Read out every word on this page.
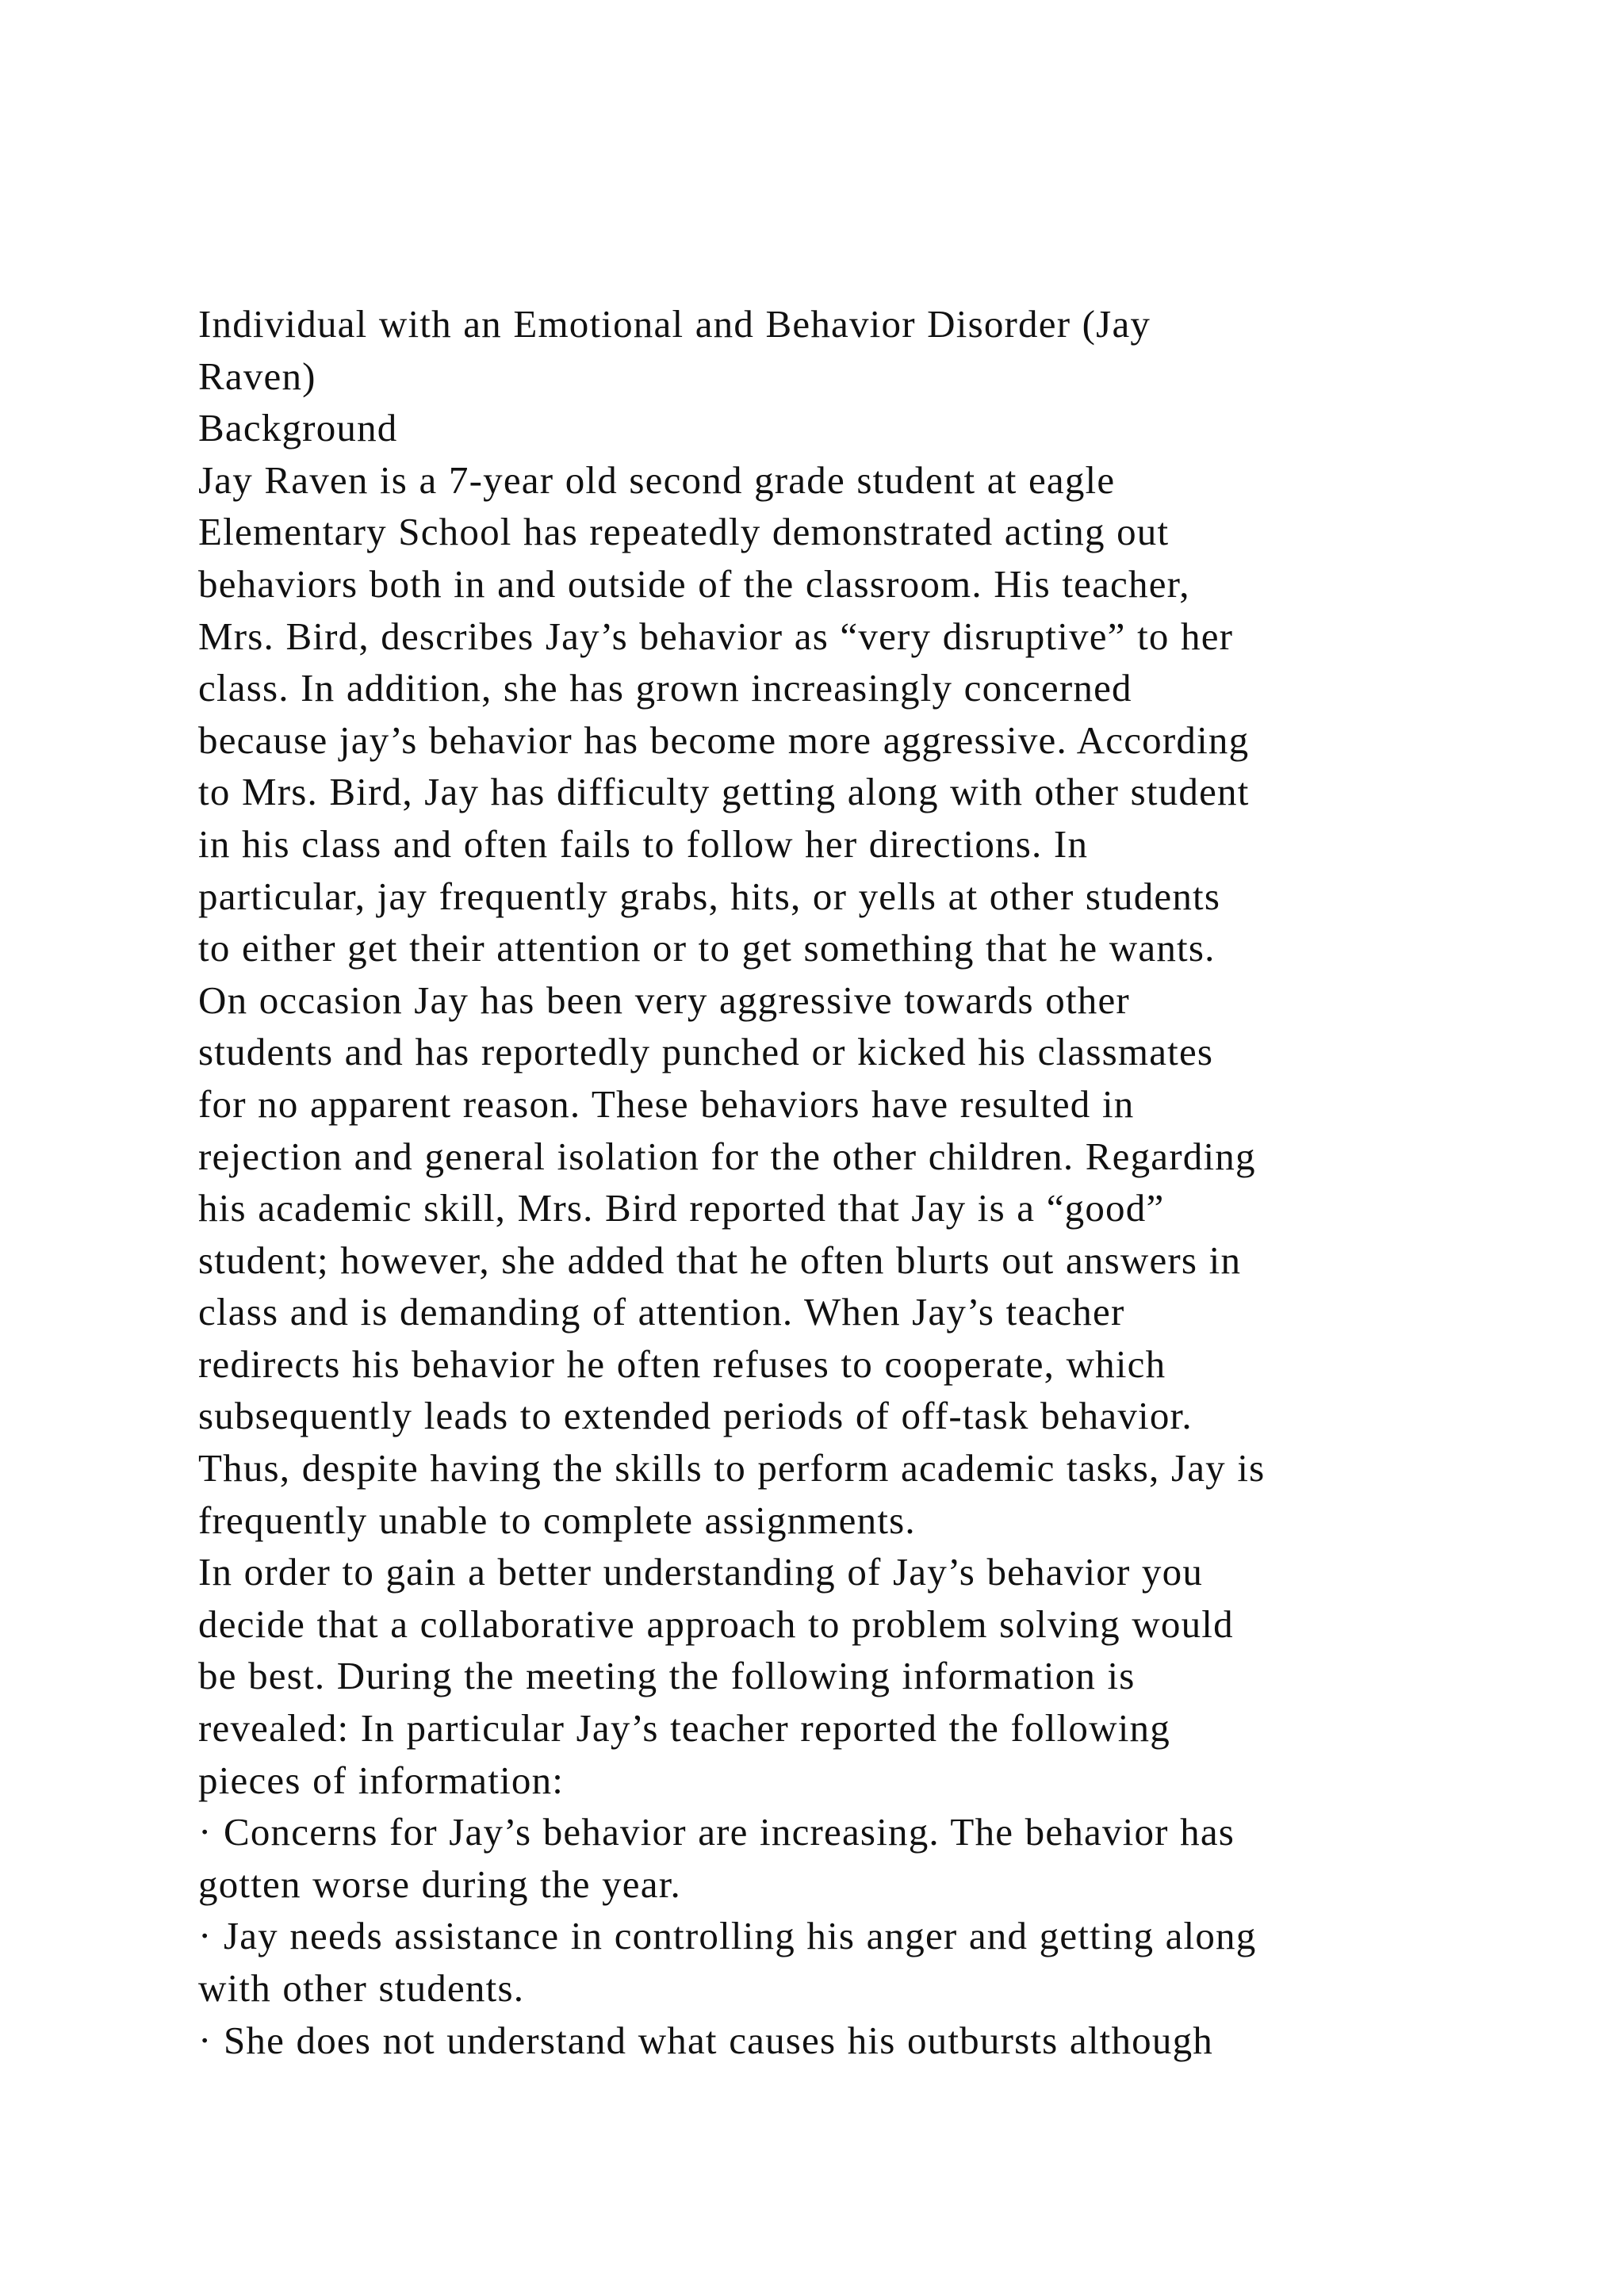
Individual with an Emotional and Behavior Disorder (Jay
Raven)
Background
Jay Raven is a 7-year old second grade student at eagle
Elementary School has repeatedly demonstrated acting out
behaviors both in and outside of the classroom. His teacher,
Mrs. Bird, describes Jay’s behavior as “very disruptive” to her
class. In addition, she has grown increasingly concerned
because jay’s behavior has become more aggressive. According
to Mrs. Bird, Jay has difficulty getting along with other student
in his class and often fails to follow her directions. In
particular, jay frequently grabs, hits, or yells at other students
to either get their attention or to get something that he wants.
On occasion Jay has been very aggressive towards other
students and has reportedly punched or kicked his classmates
for no apparent reason. These behaviors have resulted in
rejection and general isolation for the other children. Regarding
his academic skill, Mrs. Bird reported that Jay is a “good”
student; however, she added that he often blurts out answers in
class and is demanding of attention. When Jay’s teacher
redirects his behavior he often refuses to cooperate, which
subsequently leads to extended periods of off-task behavior.
Thus, despite having the skills to perform academic tasks, Jay is
frequently unable to complete assignments.
In order to gain a better understanding of Jay’s behavior you
decide that a collaborative approach to problem solving would
be best. During the meeting the following information is
revealed: In particular Jay’s teacher reported the following
pieces of information:
· Concerns for Jay’s behavior are increasing. The behavior has
gotten worse during the year.
· Jay needs assistance in controlling his anger and getting along
with other students.
· She does not understand what causes his outbursts although
